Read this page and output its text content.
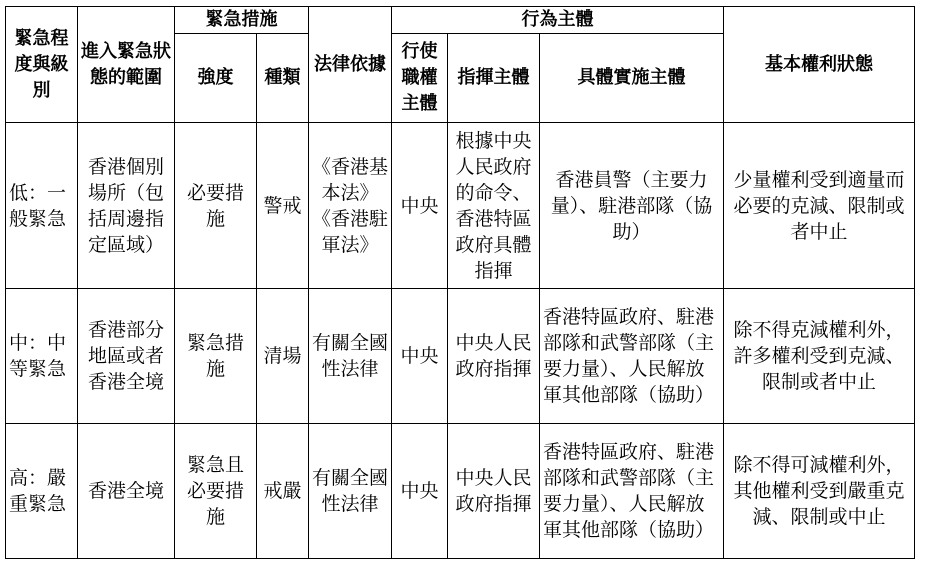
緊急程度與級別	進入緊急狀態的範圍	緊急措施		法律依據	行為主體			基本權利狀態
		強度	種類		行使職權主體	指揮主體	具體實施主體	
低：一般緊急	香港個別場所（包括周邊指定區域）	必要措施	警戒	《香港基本法》《香港駐軍法》	中央	根據中央人民政府的命令、香港特區政府具體指揮	香港員警（主要力量）、駐港部隊（協助）	少量權利受到適量而必要的克減、限制或者中止
中：中等緊急	香港部分地區或者香港全境	緊急措施	清場	有關全國性法律	中央	中央人民政府指揮	香港特區政府、駐港部隊和武警部隊（主要力量）、人民解放軍其他部隊（協助）	除不得克減權利外，許多權利受到克減、限制或者中止
高：嚴重緊急	香港全境	緊急且必要措施	戒嚴	有關全國性法律	中央	中央人民政府指揮	香港特區政府、駐港部隊和武警部隊（主要力量）、人民解放軍其他部隊（協助）	除不得可減權利外，其他權利受到嚴重克減、限制或中止
